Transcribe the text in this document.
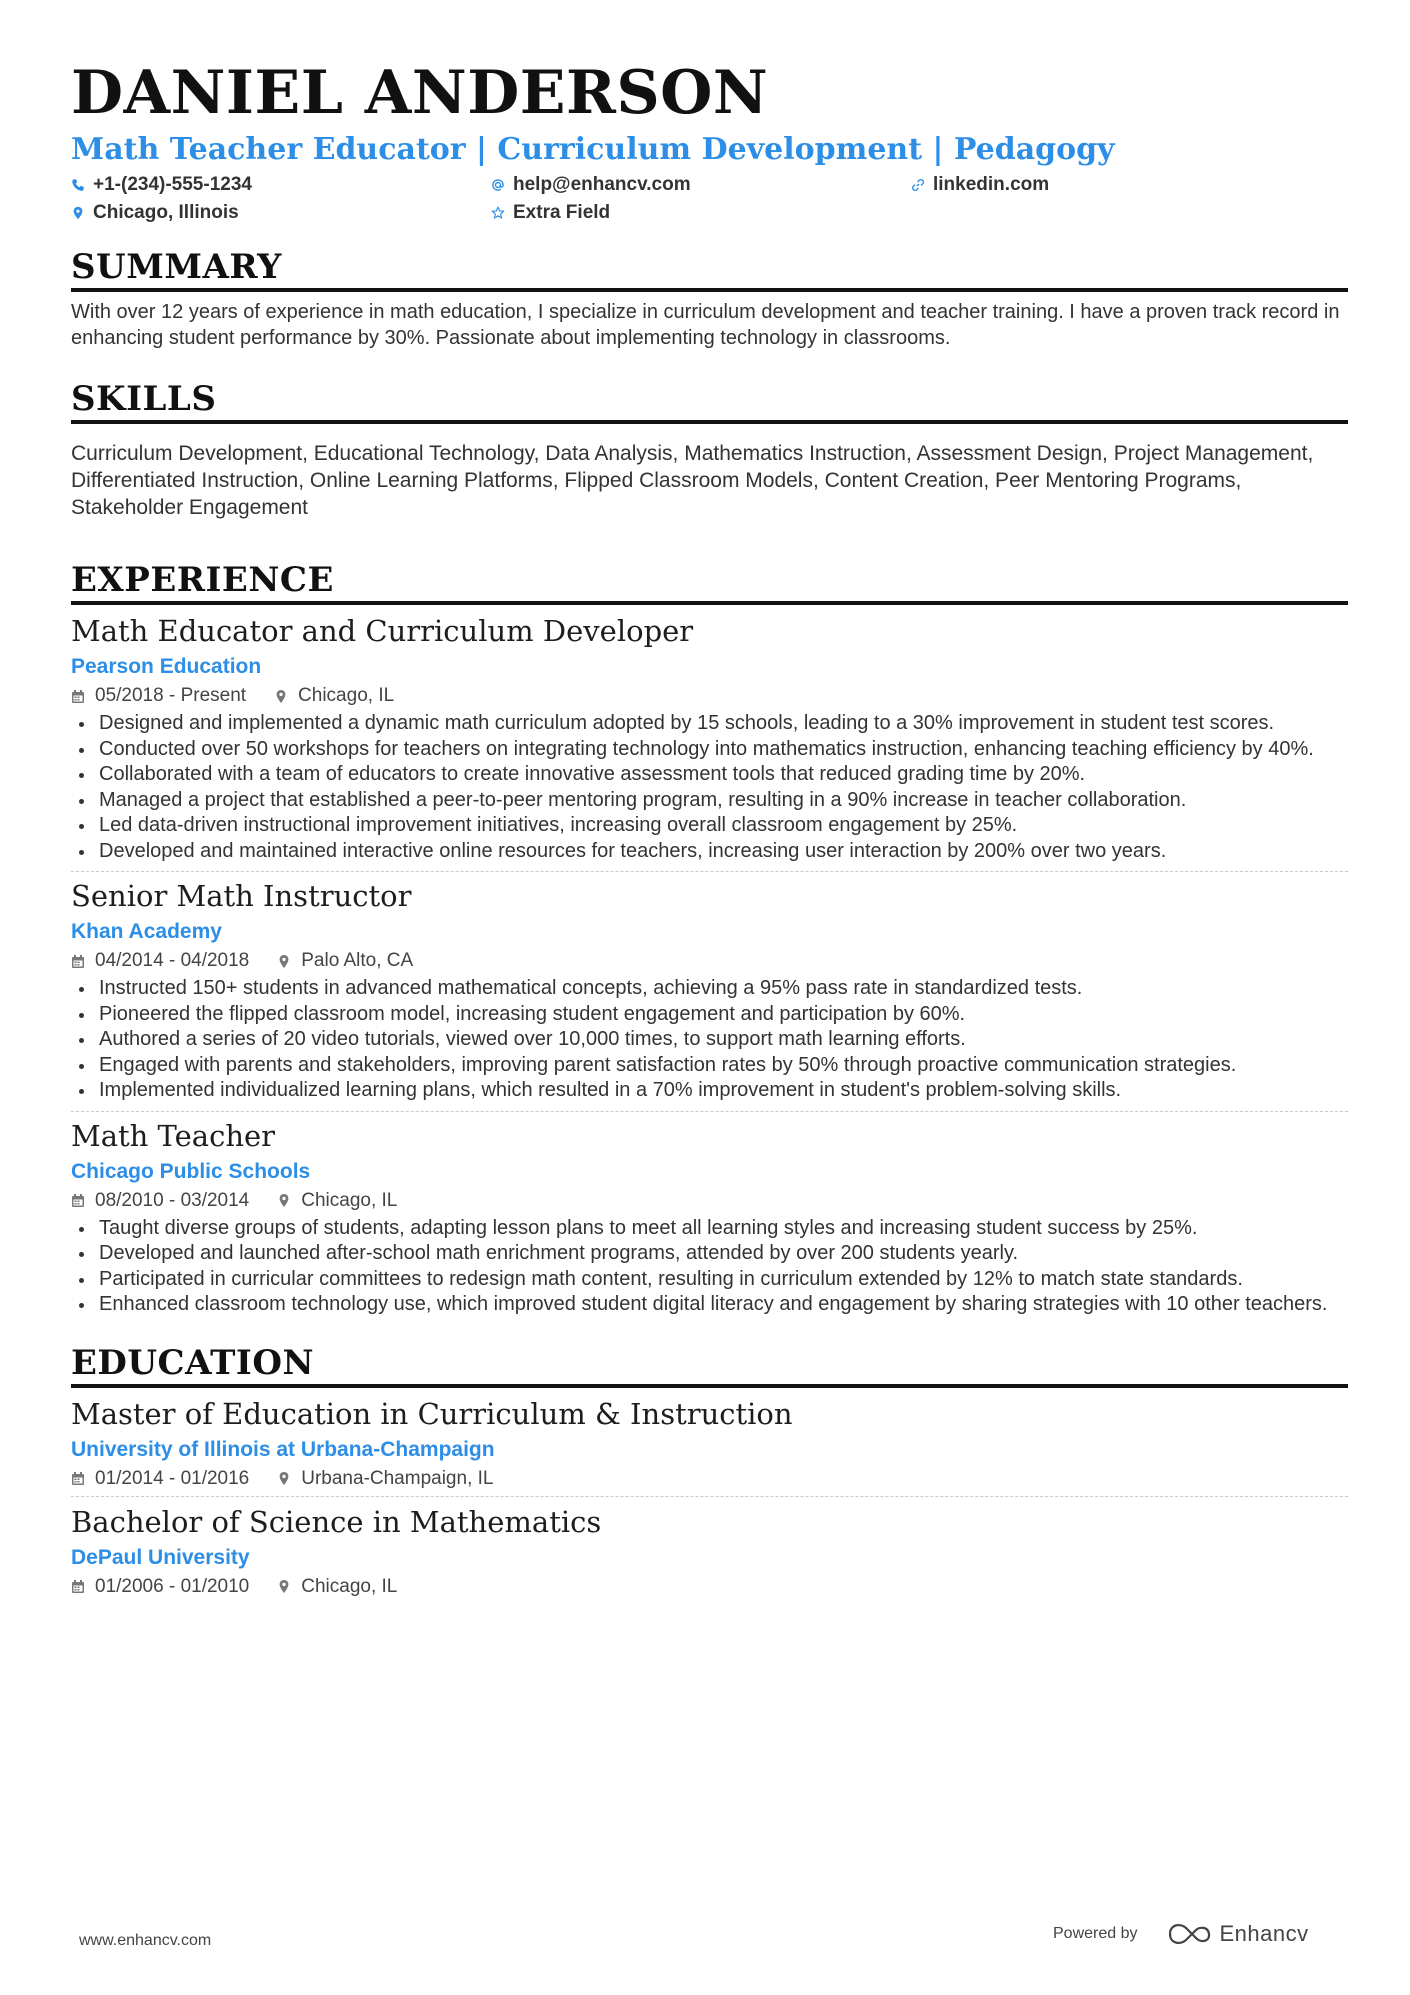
DANIEL ANDERSON
Math Teacher Educator | Curriculum Development | Pedagogy
+1-(234)-555-1234	help@enhancv.com	linkedin.com
Chicago, Illinois	Extra Field
SUMMARY
With over 12 years of experience in math education, I specialize in curriculum development and teacher training. I have a proven track record in enhancing student performance by 30%. Passionate about implementing technology in classrooms.
SKILLS
Curriculum Development, Educational Technology, Data Analysis, Mathematics Instruction, Assessment Design, Project Management, Differentiated Instruction, Online Learning Platforms, Flipped Classroom Models, Content Creation, Peer Mentoring Programs, Stakeholder Engagement
EXPERIENCE
Math Educator and Curriculum Developer
Pearson Education
05/2018 - Present	Chicago, IL
Designed and implemented a dynamic math curriculum adopted by 15 schools, leading to a 30% improvement in student test scores.
Conducted over 50 workshops for teachers on integrating technology into mathematics instruction, enhancing teaching efficiency by 40%.
Collaborated with a team of educators to create innovative assessment tools that reduced grading time by 20%.
Managed a project that established a peer-to-peer mentoring program, resulting in a 90% increase in teacher collaboration.
Led data-driven instructional improvement initiatives, increasing overall classroom engagement by 25%.
Developed and maintained interactive online resources for teachers, increasing user interaction by 200% over two years.
Senior Math Instructor
Khan Academy
04/2014 - 04/2018	Palo Alto, CA
Instructed 150+ students in advanced mathematical concepts, achieving a 95% pass rate in standardized tests.
Pioneered the flipped classroom model, increasing student engagement and participation by 60%.
Authored a series of 20 video tutorials, viewed over 10,000 times, to support math learning efforts.
Engaged with parents and stakeholders, improving parent satisfaction rates by 50% through proactive communication strategies.
Implemented individualized learning plans, which resulted in a 70% improvement in student's problem-solving skills.
Math Teacher
Chicago Public Schools
08/2010 - 03/2014	Chicago, IL
Taught diverse groups of students, adapting lesson plans to meet all learning styles and increasing student success by 25%.
Developed and launched after-school math enrichment programs, attended by over 200 students yearly.
Participated in curricular committees to redesign math content, resulting in curriculum extended by 12% to match state standards.
Enhanced classroom technology use, which improved student digital literacy and engagement by sharing strategies with 10 other teachers.
EDUCATION
Master of Education in Curriculum & Instruction
University of Illinois at Urbana-Champaign
01/2014 - 01/2016	Urbana-Champaign, IL
Bachelor of Science in Mathematics
DePaul University
01/2006 - 01/2010	Chicago, IL
www.enhancv.com	Powered by	Enhancv
